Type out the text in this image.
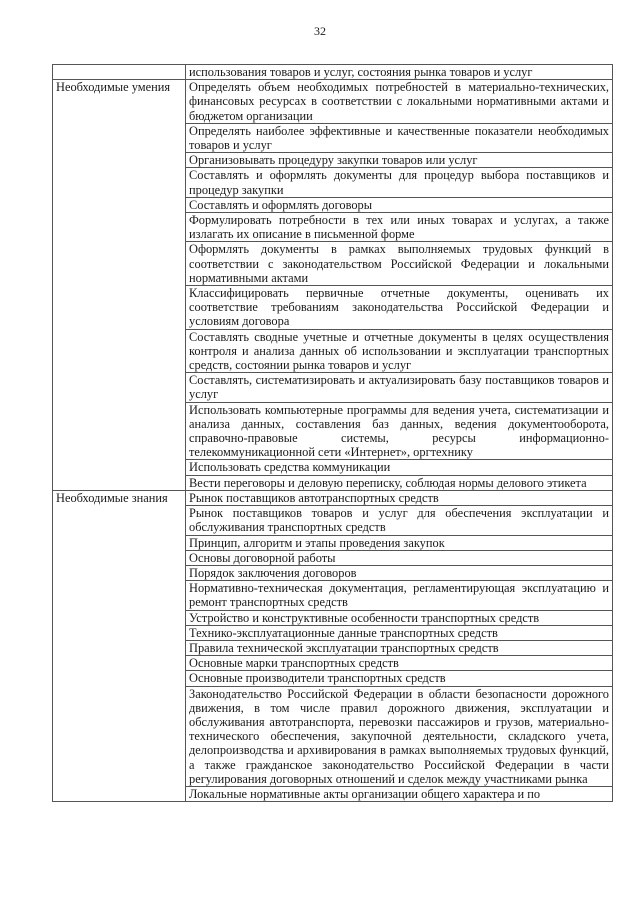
32
	использования товаров и услуг, состояния рынка товаров и услуг
Необходимые умения	Определять объем необходимых потребностей в материально-технических, финансовых ресурсах в соответствии с локальными нормативными актами и бюджетом организации
	Определять наиболее эффективные и качественные показатели необходимых товаров и услуг
	Организовывать процедуру закупки товаров или услуг
	Составлять и оформлять документы для процедур выбора поставщиков и процедур закупки
	Составлять и оформлять договоры
	Формулировать потребности в тех или иных товарах и услугах, а также излагать их описание в письменной форме
	Оформлять документы в рамках выполняемых трудовых функций в соответствии с законодательством Российской Федерации и локальными нормативными актами
	Классифицировать первичные отчетные документы, оценивать их соответствие требованиям законодательства Российской Федерации и условиям договора
	Составлять сводные учетные и отчетные документы в целях осуществления контроля и анализа данных об использовании и эксплуатации транспортных средств, состоянии рынка товаров и услуг
	Составлять, систематизировать и актуализировать базу поставщиков товаров и услуг
	Использовать компьютерные программы для ведения учета, систематизации и анализа данных, составления баз данных, ведения документооборота, справочно-правовые системы, ресурсы информационно-телекоммуникационной сети «Интернет», оргтехнику
	Использовать средства коммуникации
	Вести переговоры и деловую переписку, соблюдая нормы делового этикета
Необходимые знания	Рынок поставщиков автотранспортных средств
	Рынок поставщиков товаров и услуг для обеспечения эксплуатации и обслуживания транспортных средств
	Принцип, алгоритм и этапы проведения закупок
	Основы договорной работы
	Порядок заключения договоров
	Нормативно-техническая документация, регламентирующая эксплуатацию и ремонт транспортных средств
	Устройство и конструктивные особенности транспортных средств
	Технико-эксплуатационные данные транспортных средств
	Правила технической эксплуатации транспортных средств
	Основные марки транспортных средств
	Основные производители транспортных средств
	Законодательство Российской Федерации в области безопасности дорожного движения, в том числе правил дорожного движения, эксплуатации и обслуживания автотранспорта, перевозки пассажиров и грузов, материально-технического обеспечения, закупочной деятельности, складского учета, делопроизводства и архивирования в рамках выполняемых трудовых функций, а также гражданское законодательство Российской Федерации в части регулирования договорных отношений и сделок между участниками рынка
	Локальные нормативные акты организации общего характера и по
